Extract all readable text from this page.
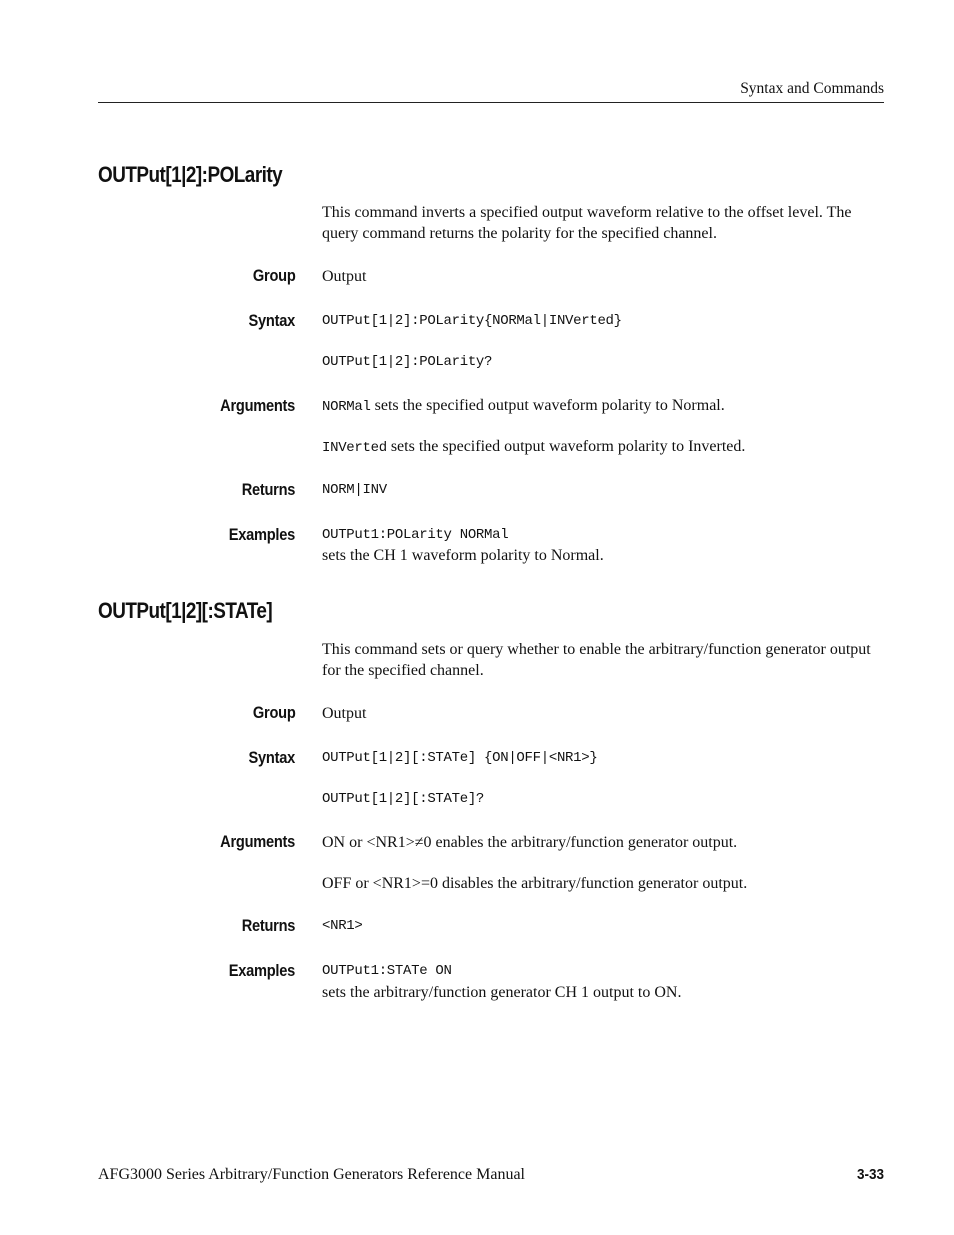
Syntax and Commands
OUTPut[1|2]:POLarity
This command inverts a specified output waveform relative to the offset level. The query command returns the polarity for the specified channel.
Group Output
Syntax OUTPut[1|2]:POLarity{NORMal|INVerted}
OUTPut[1|2]:POLarity?
Arguments NORMal sets the specified output waveform polarity to Normal.
INVerted sets the specified output waveform polarity to Inverted.
Returns NORM|INV
Examples OUTPut1:POLarity NORMal
sets the CH 1 waveform polarity to Normal.
OUTPut[1|2][:STATe]
This command sets or query whether to enable the arbitrary/function generator output for the specified channel.
Group Output
Syntax OUTPut[1|2][:STATe] {ON|OFF|<NR1>}
OUTPut[1|2][:STATe]?
Arguments ON or <NR1>≠0 enables the arbitrary/function generator output.
OFF or <NR1>=0 disables the arbitrary/function generator output.
Returns <NR1>
Examples OUTPut1:STATe ON
sets the arbitrary/function generator CH 1 output to ON.
AFG3000 Series Arbitrary/Function Generators Reference Manual	3-33
